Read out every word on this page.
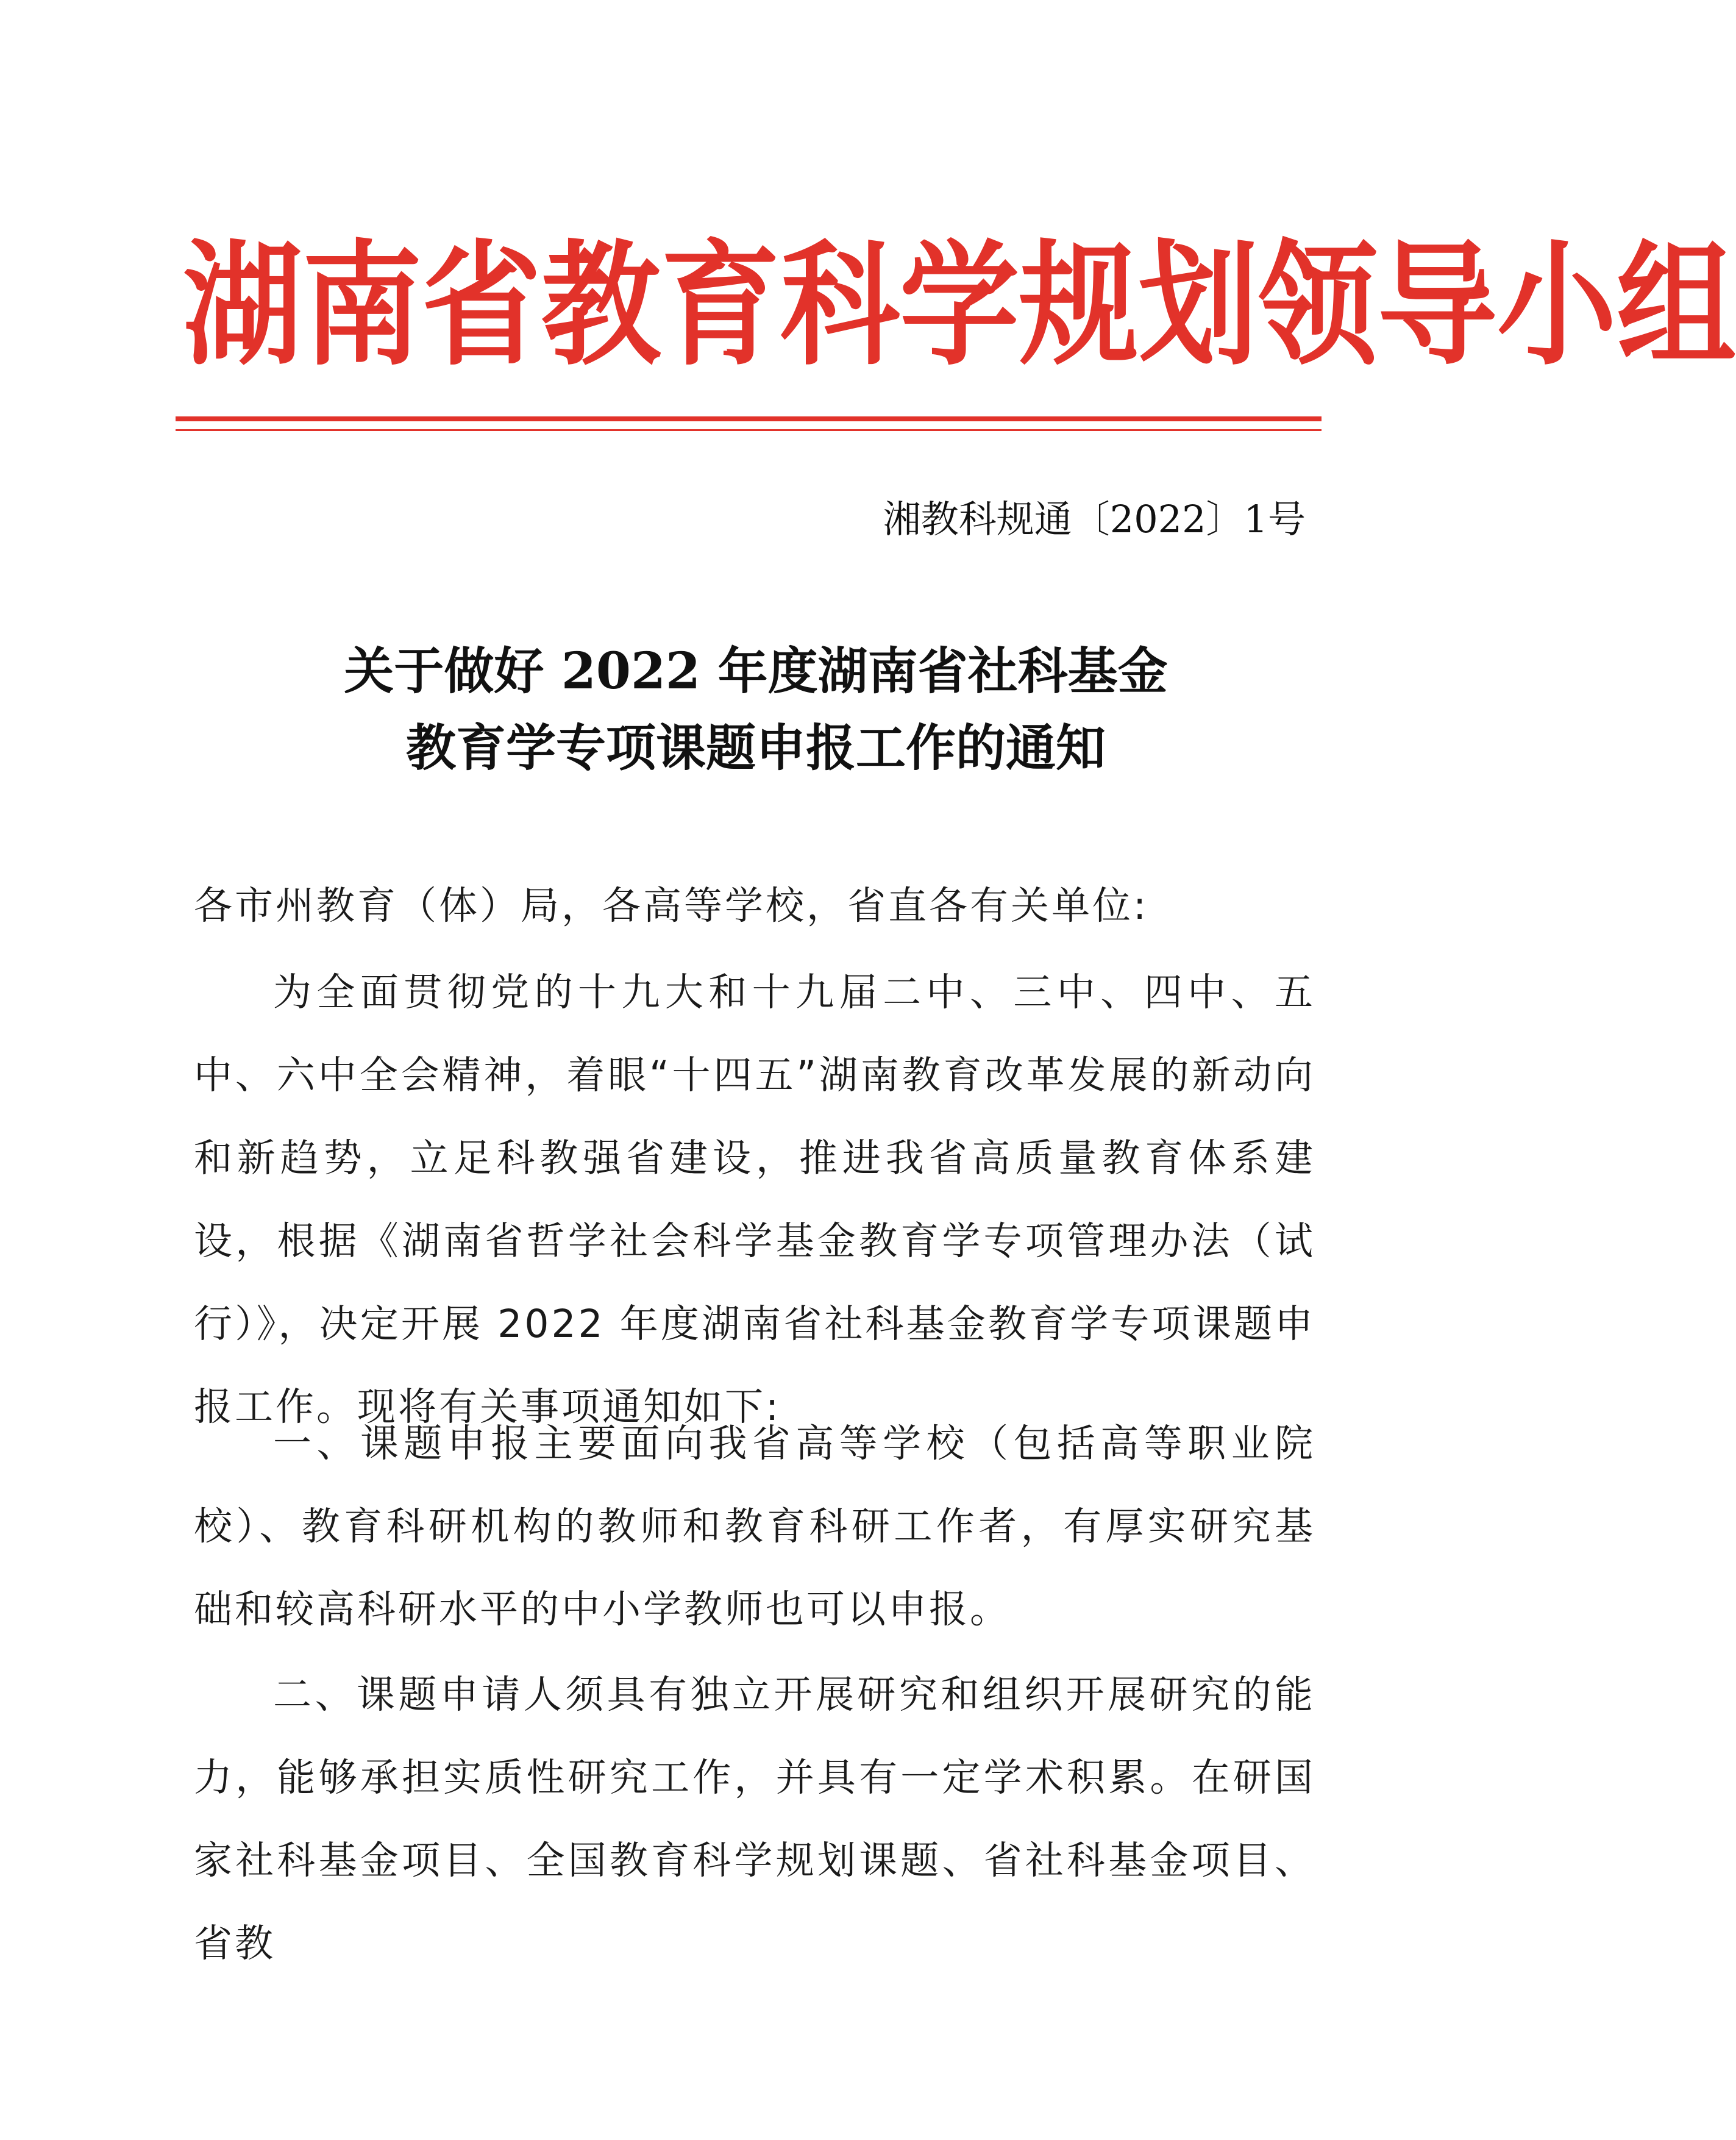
湖南省教育科学规划领导小组
湘教科规通〔2022〕1号
关于做好 2022 年度湖南省社科基金
教育学专项课题申报工作的通知

各市州教育（体）局，各高等学校，省直各有关单位:

为全面贯彻党的十九大和十九届二中、三中、四中、五中、六中全会精神，着眼“十四五”湖南教育改革发展的新动向和新趋势，立足科教强省建设，推进我省高质量教育体系建设，根据《湖南省哲学社会科学基金教育学专项管理办法（试行）》，决定开展 2022 年度湖南省社科基金教育学专项课题申报工作。现将有关事项通知如下:

一、课题申报主要面向我省高等学校（包括高等职业院校）、教育科研机构的教师和教育科研工作者，有厚实研究基础和较高科研水平的中小学教师也可以申报。

二、课题申请人须具有独立开展研究和组织开展研究的能力，能够承担实质性研究工作，并具有一定学术积累。在研国家社科基金项目、全国教育科学规划课题、省社科基金项目、省教
